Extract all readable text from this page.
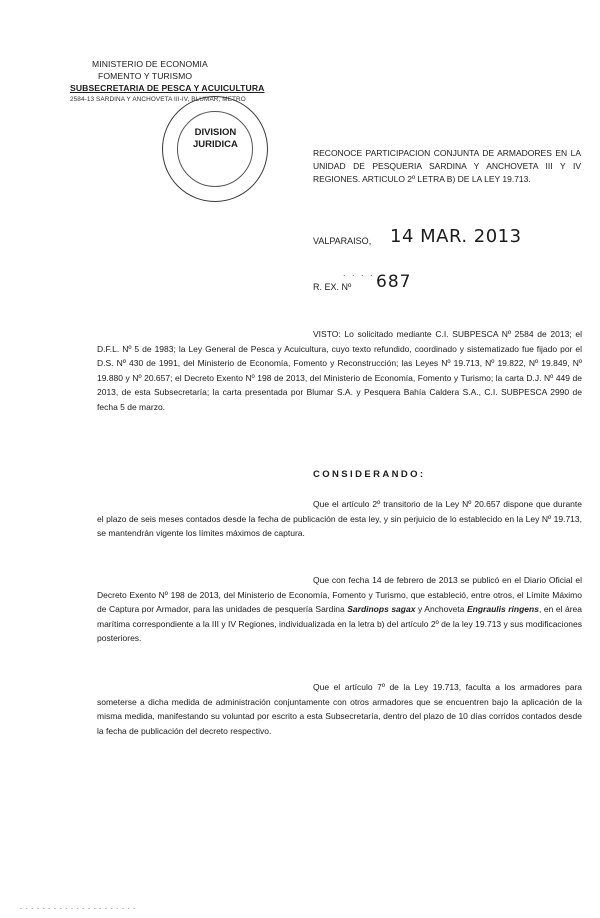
MINISTERIO DE ECONOMIA
FOMENTO Y TURISMO
SUBSECRETARIA DE PESCA Y ACUICULTURA
2584-13 SARDINA Y ANCHOVETA III-IV, BLUMAR, METRO
DIVISION
JURIDICA
RECONOCE PARTICIPACION CONJUNTA DE ARMADORES EN LA UNIDAD DE PESQUERIA SARDINA Y ANCHOVETA III Y IV REGIONES. ARTICULO 2º LETRA B) DE LA LEY 19.713.
VALPARAISO, 14 MAR. 2013
. . . . .
R. EX. Nº 687
VISTO: Lo solicitado mediante C.I. SUBPESCA Nº 2584 de 2013; el D.F.L. Nº 5 de 1983; la Ley General de Pesca y Acuicultura, cuyo texto refundido, coordinado y sistematizado fue fijado por el D.S. Nº 430 de 1991, del Ministerio de Economía, Fomento y Reconstrucción; las Leyes Nº 19.713, Nº 19.822, Nº 19.849, Nº 19.880 y Nº 20.657; el Decreto Exento Nº 198 de 2013, del Ministerio de Economía, Fomento y Turismo; la carta D.J. Nº 449 de 2013, de esta Subsecretaría; la carta presentada por Blumar S.A. y Pesquera Bahía Caldera S.A., C.I. SUBPESCA 2990 de fecha 5 de marzo.
CONSIDERANDO:
Que el artículo 2º transitorio de la Ley Nº 20.657 dispone que durante el plazo de seis meses contados desde la fecha de publicación de esta ley, y sin perjuicio de lo establecido en la Ley Nº 19.713, se mantendrán vigente los límites máximos de captura.
Que con fecha 14 de febrero de 2013 se publicó en el Diario Oficial el Decreto Exento Nº 198 de 2013, del Ministerio de Economía, Fomento y Turismo, que estableció, entre otros, el Límite Máximo de Captura por Armador, para las unidades de pesquería Sardina Sardinops sagax y Anchoveta Engraulis ringens, en el área marítima correspondiente a la III y IV Regiones, individualizada en la letra b) del artículo 2º de la ley 19.713 y sus modificaciones posteriores.
Que el artículo 7º de la Ley 19.713, faculta a los armadores para someterse a dicha medida de administración conjuntamente con otros armadores que se encuentren bajo la aplicación de la misma medida, manifestando su voluntad por escrito a esta Subsecretaría, dentro del plazo de 10 días corridos contados desde la fecha de publicación del decreto respectivo.
- - - - - - - - - - - - - - - - - - - - -
